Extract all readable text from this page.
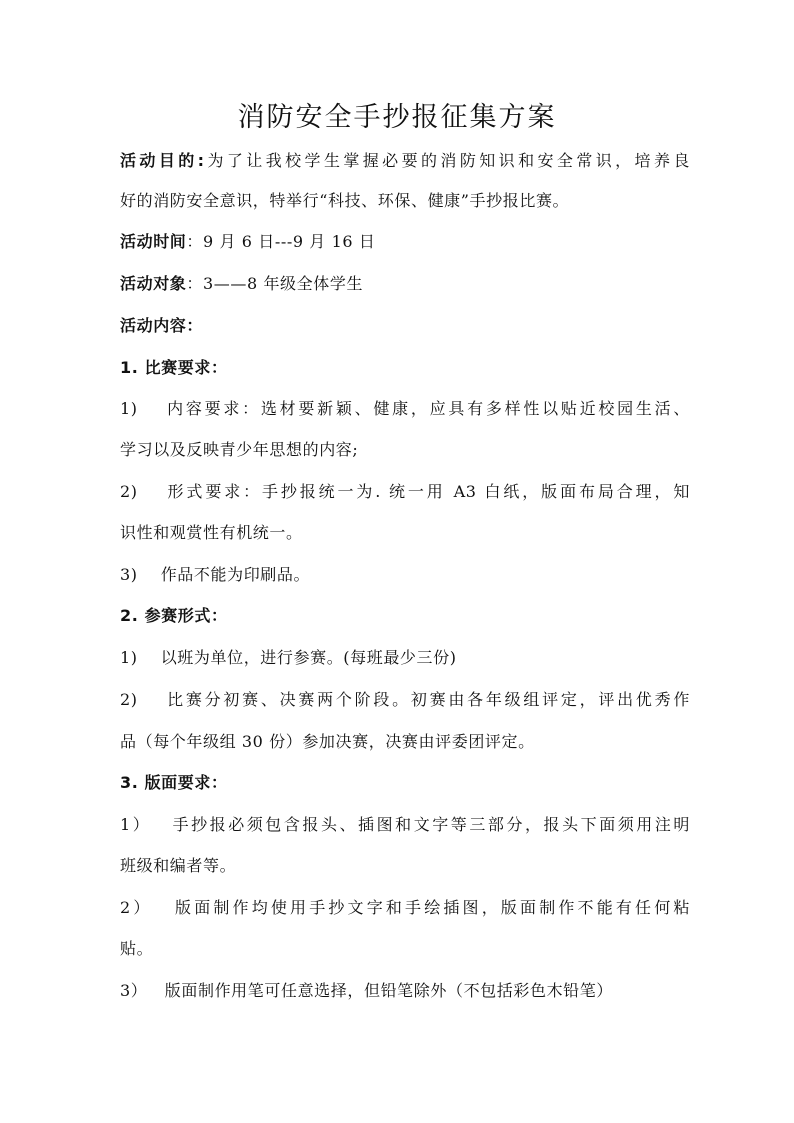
消防安全手抄报征集方案
活动目的:为了让我校学生掌握必要的消防知识和安全常识，培养良
好的消防安全意识，特举行“科技、环保、健康”手抄报比赛。
活动时间：9 月 6 日---9 月 16 日
活动对象：3——8 年级全体学生
活动内容：
1. 比赛要求：
1) 内容要求：选材要新颖、健康，应具有多样性以贴近校园生活、
学习以及反映青少年思想的内容;
2) 形式要求：手抄报统一为. 统一用 A3 白纸，版面布局合理，知
识性和观赏性有机统一。
3) 作品不能为印刷品。
2. 参赛形式：
1) 以班为单位，进行参赛。(每班最少三份)
2) 比赛分初赛、决赛两个阶段。初赛由各年级组评定，评出优秀作
品（每个年级组 30 份）参加决赛，决赛由评委团评定。
3. 版面要求：
1） 手抄报必须包含报头、插图和文字等三部分，报头下面须用注明
班级和编者等。
2） 版面制作均使用手抄文字和手绘插图，版面制作不能有任何粘
贴。
3） 版面制作用笔可任意选择，但铅笔除外（不包括彩色木铅笔）
